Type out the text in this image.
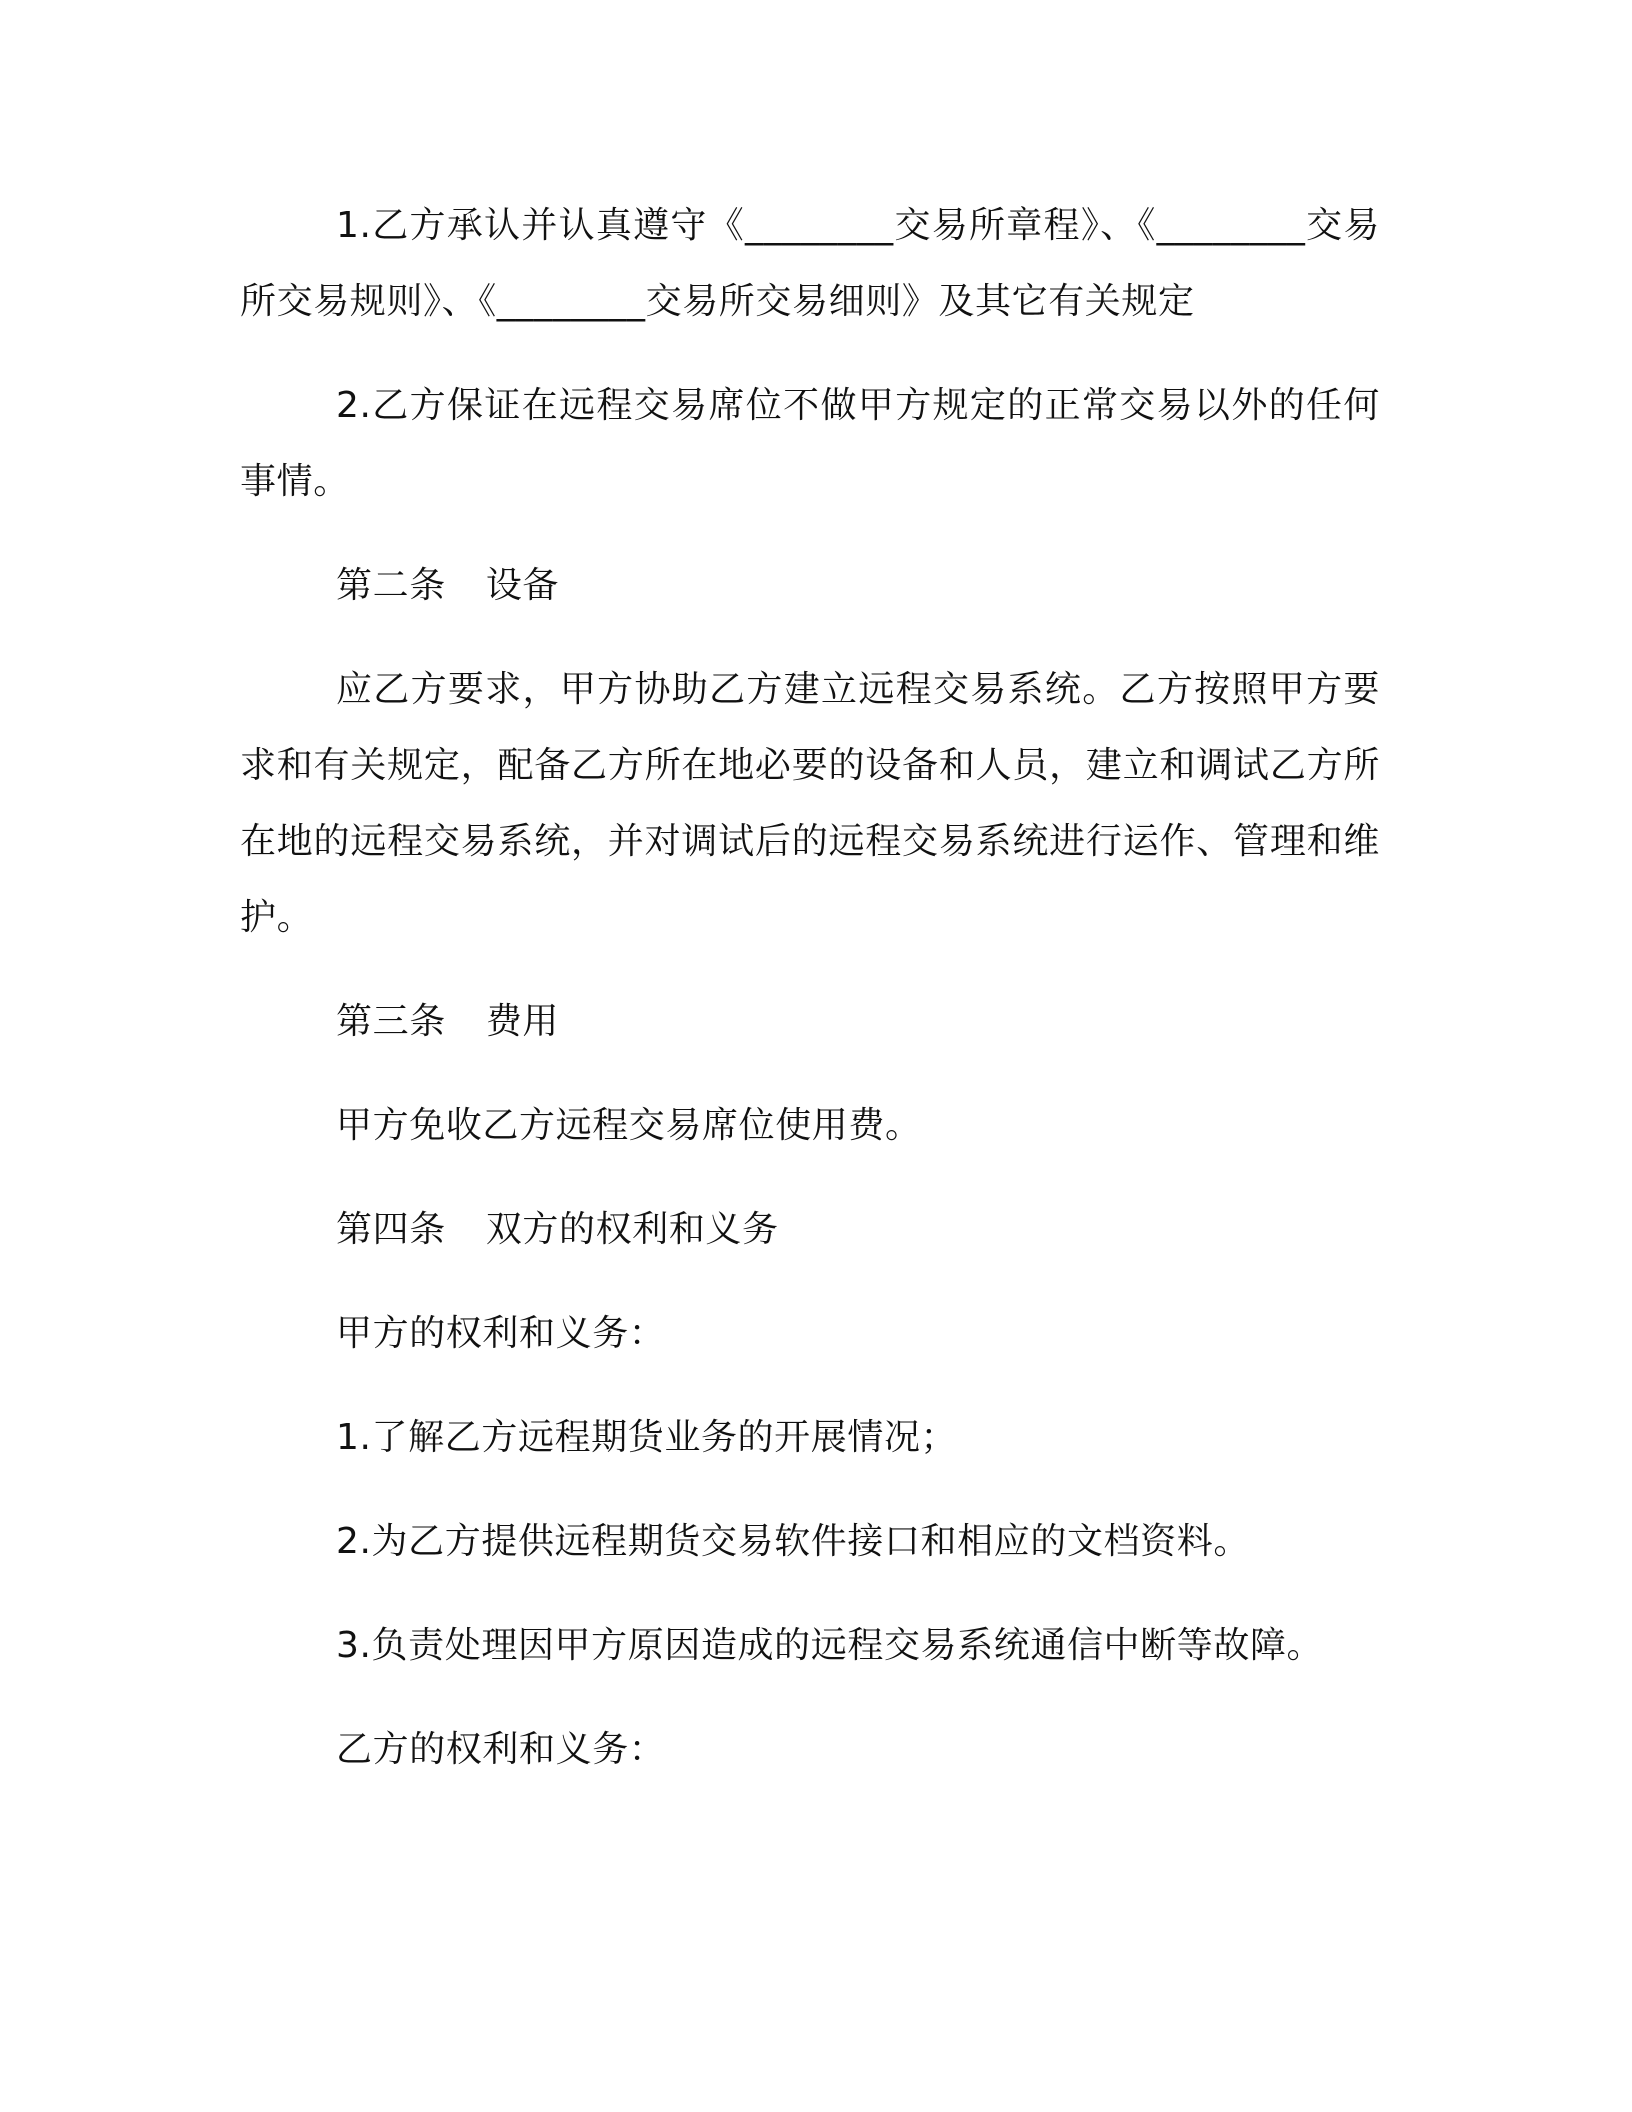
1.乙方承认并认真遵守《________交易所章程》、《________交易所交易规则》、《________交易所交易细则》及其它有关规定

2.乙方保证在远程交易席位不做甲方规定的正常交易以外的任何事情。

第二条 设备

应乙方要求，甲方协助乙方建立远程交易系统。乙方按照甲方要求和有关规定，配备乙方所在地必要的设备和人员，建立和调试乙方所在地的远程交易系统，并对调试后的远程交易系统进行运作、管理和维护。

第三条 费用

甲方免收乙方远程交易席位使用费。

第四条 双方的权利和义务

甲方的权利和义务：

1.了解乙方远程期货业务的开展情况；

2.为乙方提供远程期货交易软件接口和相应的文档资料。

3.负责处理因甲方原因造成的远程交易系统通信中断等故障。

乙方的权利和义务：
